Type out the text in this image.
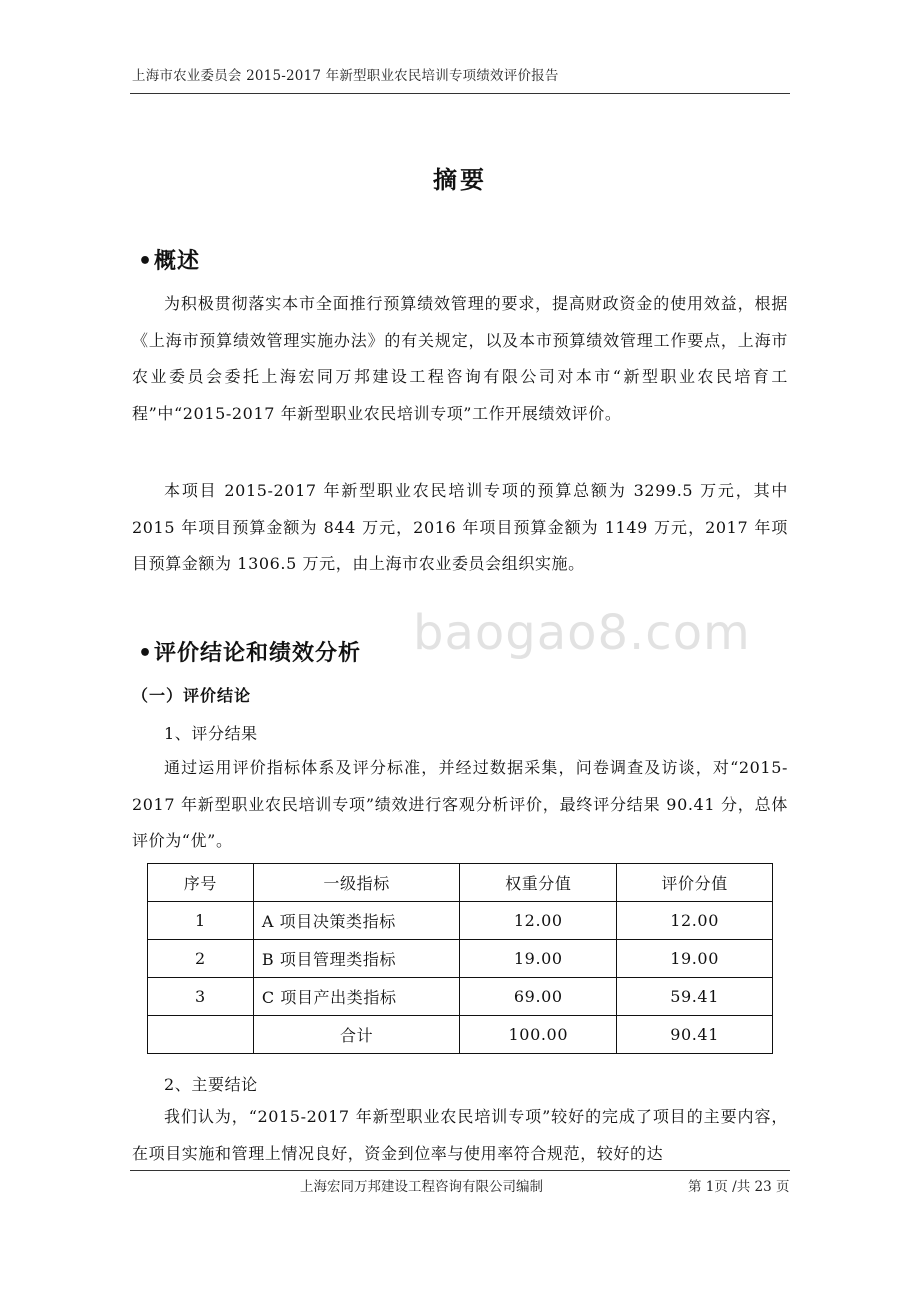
上海市农业委员会 2015-2017 年新型职业农民培训专项绩效评价报告
摘要
•概述
为积极贯彻落实本市全面推行预算绩效管理的要求，提高财政资金的使用效益，根据《上海市预算绩效管理实施办法》的有关规定，以及本市预算绩效管理工作要点，上海市农业委员会委托上海宏同万邦建设工程咨询有限公司对本市“新型职业农民培育工程”中“2015-2017 年新型职业农民培训专项”工作开展绩效评价。
本项目 2015-2017 年新型职业农民培训专项的预算总额为 3299.5 万元，其中 2015 年项目预算金额为 844 万元，2016 年项目预算金额为 1149 万元，2017 年项目预算金额为 1306.5 万元，由上海市农业委员会组织实施。
baogao8.com
•评价结论和绩效分析
（一）评价结论
1、评分结果
通过运用评价指标体系及评分标准，并经过数据采集，问卷调查及访谈，对“2015-2017 年新型职业农民培训专项”绩效进行客观分析评价，最终评分结果 90.41 分，总体评价为“优”。
序号	一级指标	权重分值	评价分值
1	A 项目决策类指标	12.00	12.00
2	B 项目管理类指标	19.00	19.00
3	C 项目产出类指标	69.00	59.41
	合计	100.00	90.41
2、主要结论
我们认为，“2015-2017 年新型职业农民培训专项”较好的完成了项目的主要内容，在项目实施和管理上情况良好，资金到位率与使用率符合规范，较好的达
上海宏同万邦建设工程咨询有限公司编制	第 1页 /共 23 页
